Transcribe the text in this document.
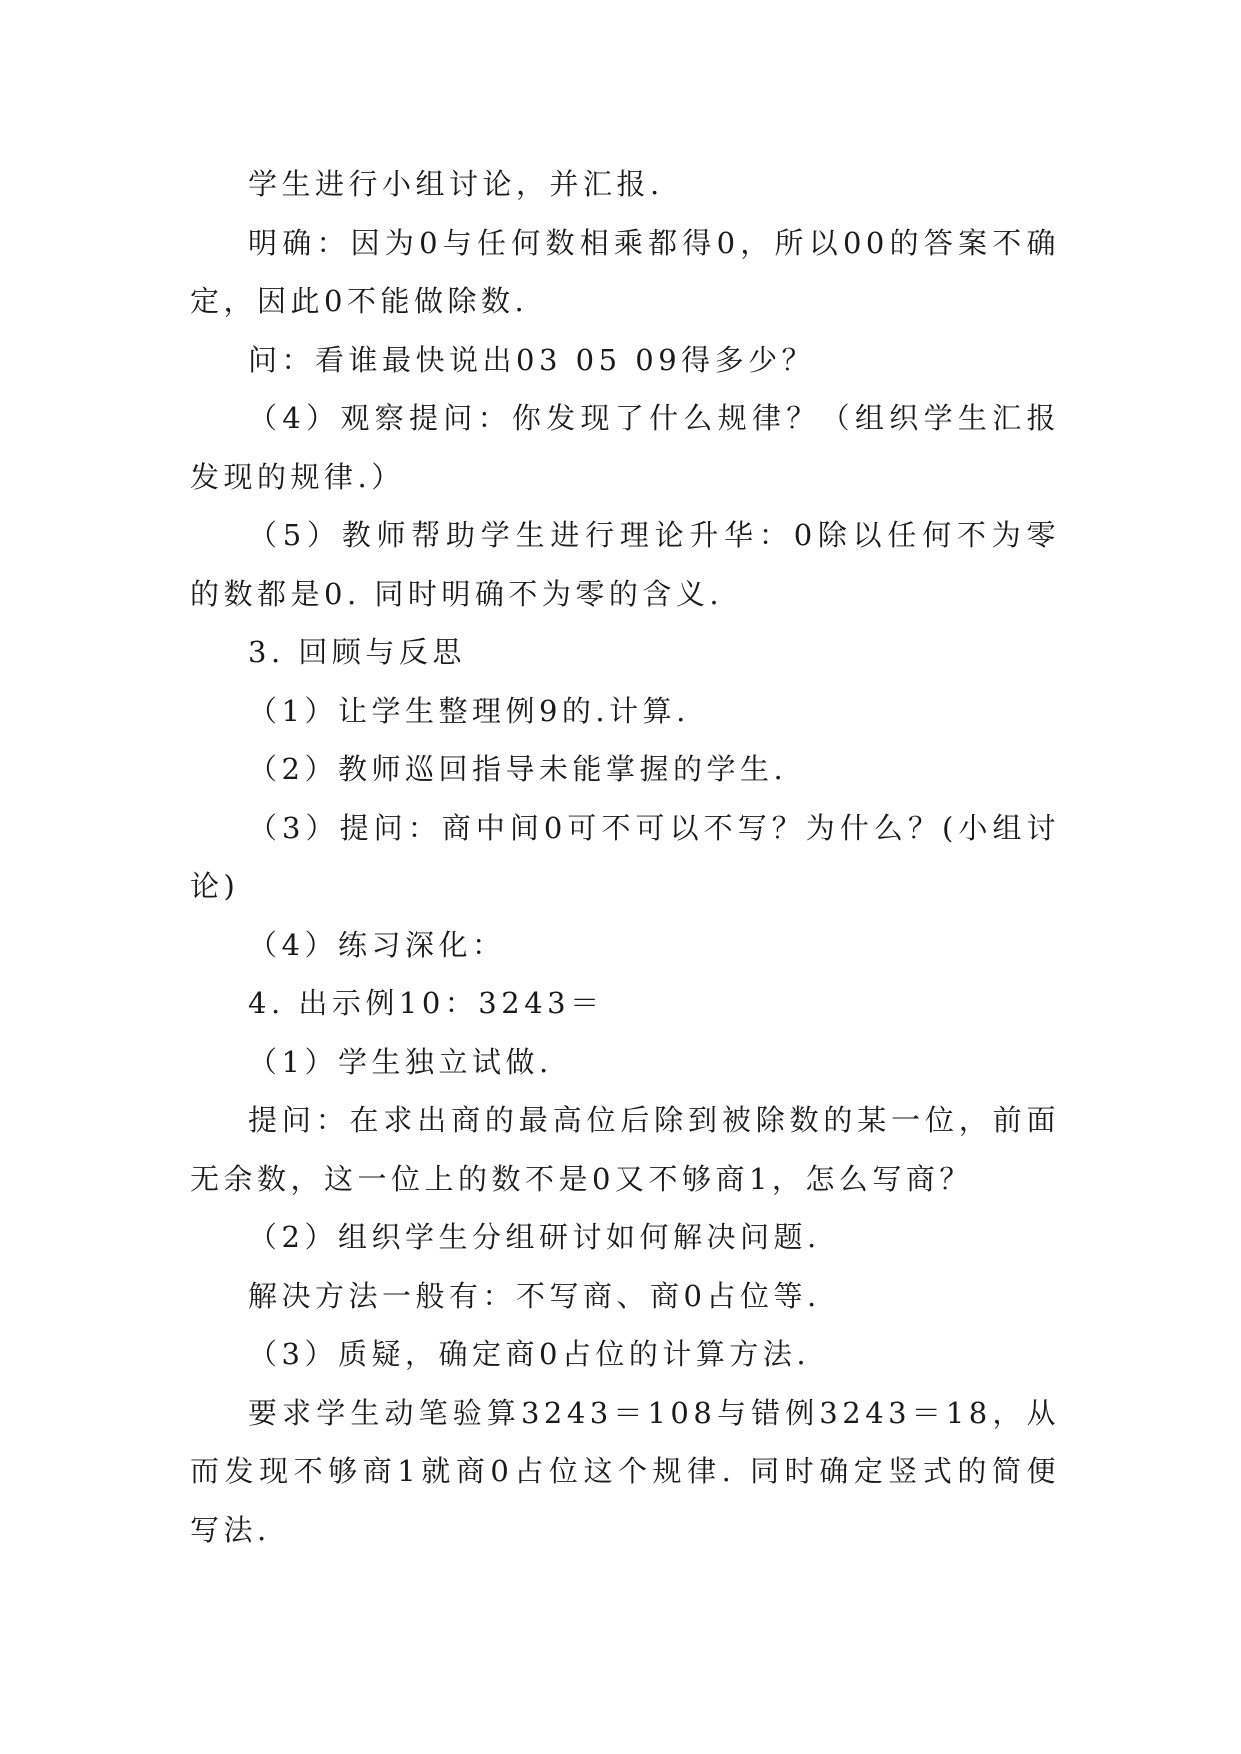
学生进行小组讨论，并汇报.

明确：因为0与任何数相乘都得0，所以00的答案不确定，因此0不能做除数.

问：看谁最快说出03 05 09得多少？

（4）观察提问：你发现了什么规律？（组织学生汇报发现的规律.）

（5）教师帮助学生进行理论升华：0除以任何不为零的数都是0. 同时明确不为零的含义.

3. 回顾与反思

（1）让学生整理例9的.计算.

（2）教师巡回指导未能掌握的学生.

（3）提问：商中间0可不可以不写？为什么？(小组讨论)

（4）练习深化：

4. 出示例10：3243＝

（1）学生独立试做.

提问：在求出商的最高位后除到被除数的某一位，前面无余数，这一位上的数不是0又不够商1，怎么写商？

（2）组织学生分组研讨如何解决问题.

解决方法一般有：不写商、商0占位等.

（3）质疑，确定商0占位的计算方法.

要求学生动笔验算3243＝108与错例3243＝18，从而发现不够商1就商0占位这个规律. 同时确定竖式的简便写法.
